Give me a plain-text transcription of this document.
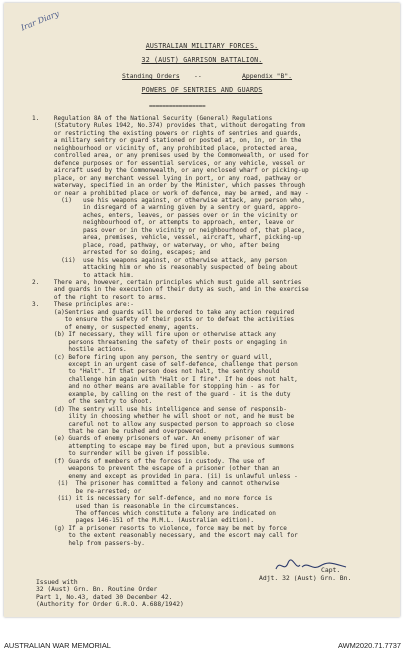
Irar Diary
AUSTRALIAN MILITARY FORCES.
32 (AUST) GARRISON BATTALION.
Standing Orders --	Appendix "B".
POWERS OF SENTRIES AND GUARDS
=================
1.    Regulation 8A of the National Security (General) Regulations
(Statutory Rules 1942, No.374) provides that, without derogating from
or restricting the existing powers or rights of sentries and guards,
a military sentry or guard stationed or posted at, on, in, or in the
neighbourhood or vicinity of, any prohibited place, protected area,
controlled area, or any premises used by the Commonwealth, or used for
defence purposes or for essential services, or any vehicle, vessel or
aircraft used by the Commonwealth, or any enclosed wharf or picking-up
place, or any merchant vessel lying in port, or any road, pathway or
waterway, specified in an order by the Minister, which passes through
or near a prohibited place or work of defence, may be armed, and may -
(i)   use his weapons against, or otherwise attack, any person who,
in disregard of a warning given by a sentry or guard, appro-
aches, enters, leaves, or passes over or in the vicinity or
neighbourhood of, or attempts to approach, enter, leave or
pass over or in the vicinity or neighbourhood of, that place,
area, premises, vehicle, vessel, aircraft, wharf, picking-up
place, road, pathway, or waterway, or who, after being
arrested for so doing, escapes; and
(ii)  use his weapons against, or otherwise attack, any person
attacking him or who is reasonably suspected of being about
to attack him.
2.    There are, however, certain principles which must guide all sentries
and guards in the execution of their duty as such, and in the exercise
of the right to resort to arms.
3.    These principles are:-
(a)Sentries and guards will be ordered to take any action required
to ensure the safety of their posts or to defeat the activities
of enemy, or suspected enemy, agents.
(b) If necessary, they will fire upon or otherwise attack any
persons threatening the safety of their posts or engaging in
hostile actions.
(c) Before firing upon any person, the sentry or guard will,
except in an urgent case of self-defence, challenge that person
to "Halt". If that person does not halt, the sentry should
challenge him again with "Halt or I fire". If he does not halt,
and no other means are available for stopping him - as for
example, by calling on the rest of the guard - it is the duty
of the sentry to shoot.
(d) The sentry will use his intelligence and sense of responsib-
ility in choosing whether he will shoot or not, and he must be
careful not to allow any suspected person to approach so close
that he can be rushed and overpowered.
(e) Guards of enemy prisoners of war. An enemy prisoner of war
attempting to escape may be fired upon, but a previous summons
to surrender will be given if possible.
(f) Guards of members of the forces in custody. The use of
weapons to prevent the escape of a prisoner (other than an
enemy and except as provided in para. (ii) is unlawful unless -
(i)  The prisoner has committed a felony and cannot otherwise
be re-arrested; or
(ii) it is necessary for self-defence, and no more force is
used than is reasonable in the circumstances.
The offences which constitute a felony are indicated on
pages 146-151 of the M.M.L. (Australian edition).
(g) If a prisoner resorts to violence, force may be met by force
to the extent reasonably necessary, and the escort may call for
help from passers-by.
Capt.
Adjt. 32 (Aust) Grn. Bn.
Issued with
32 (Aust) Grn. Bn. Routine Order
Part 1, No.43, dated 30 December 42.
(Authority for Order G.R.O. A.688/1942)
AUSTRALIAN WAR MEMORIAL	AWM2020.71.7737
